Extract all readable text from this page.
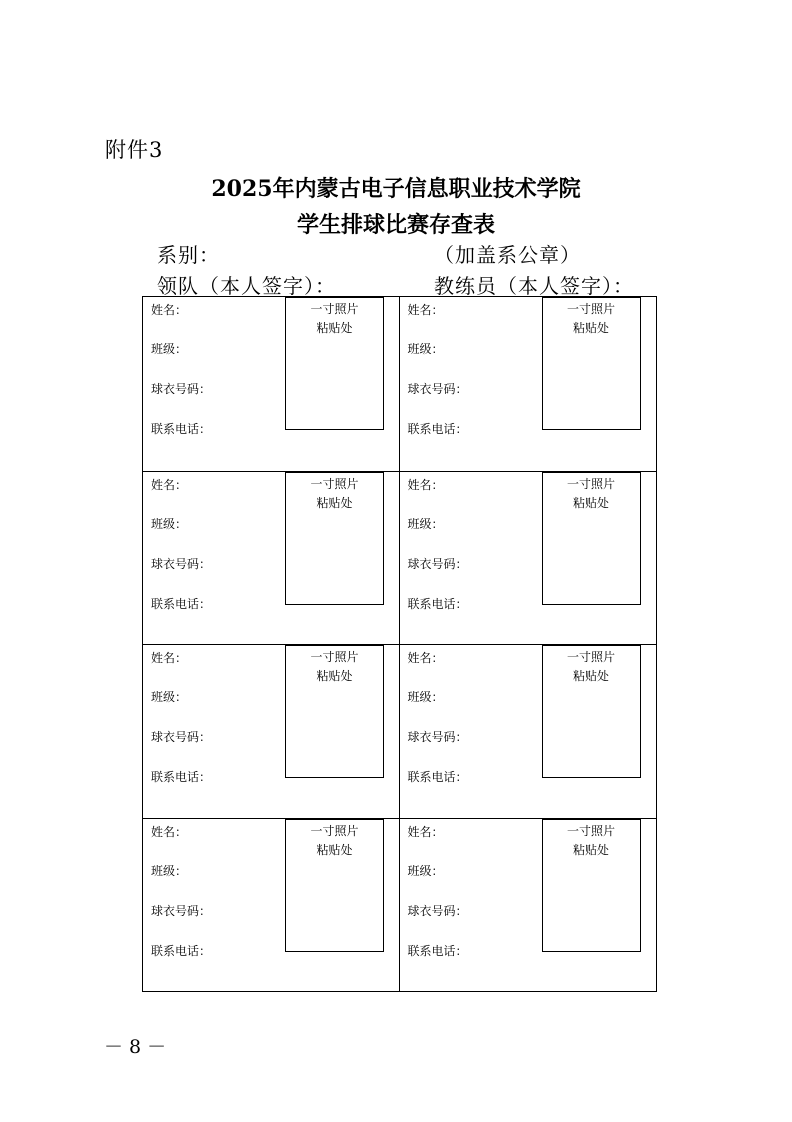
附件3
2025年内蒙古电子信息职业技术学院
学生排球比赛存查表
系别：	（加盖系公章）
领队（本人签字）：	教练员（本人签字）：
姓名：
班级：
球衣号码：
联系电话：
一寸照片
粘贴处
姓名：
班级：
球衣号码：
联系电话：
一寸照片
粘贴处
姓名：
班级：
球衣号码：
联系电话：
一寸照片
粘贴处
姓名：
班级：
球衣号码：
联系电话：
一寸照片
粘贴处
姓名：
班级：
球衣号码：
联系电话：
一寸照片
粘贴处
姓名：
班级：
球衣号码：
联系电话：
一寸照片
粘贴处
姓名：
班级：
球衣号码：
联系电话：
一寸照片
粘贴处
姓名：
班级：
球衣号码：
联系电话：
一寸照片
粘贴处
－ 8 －
